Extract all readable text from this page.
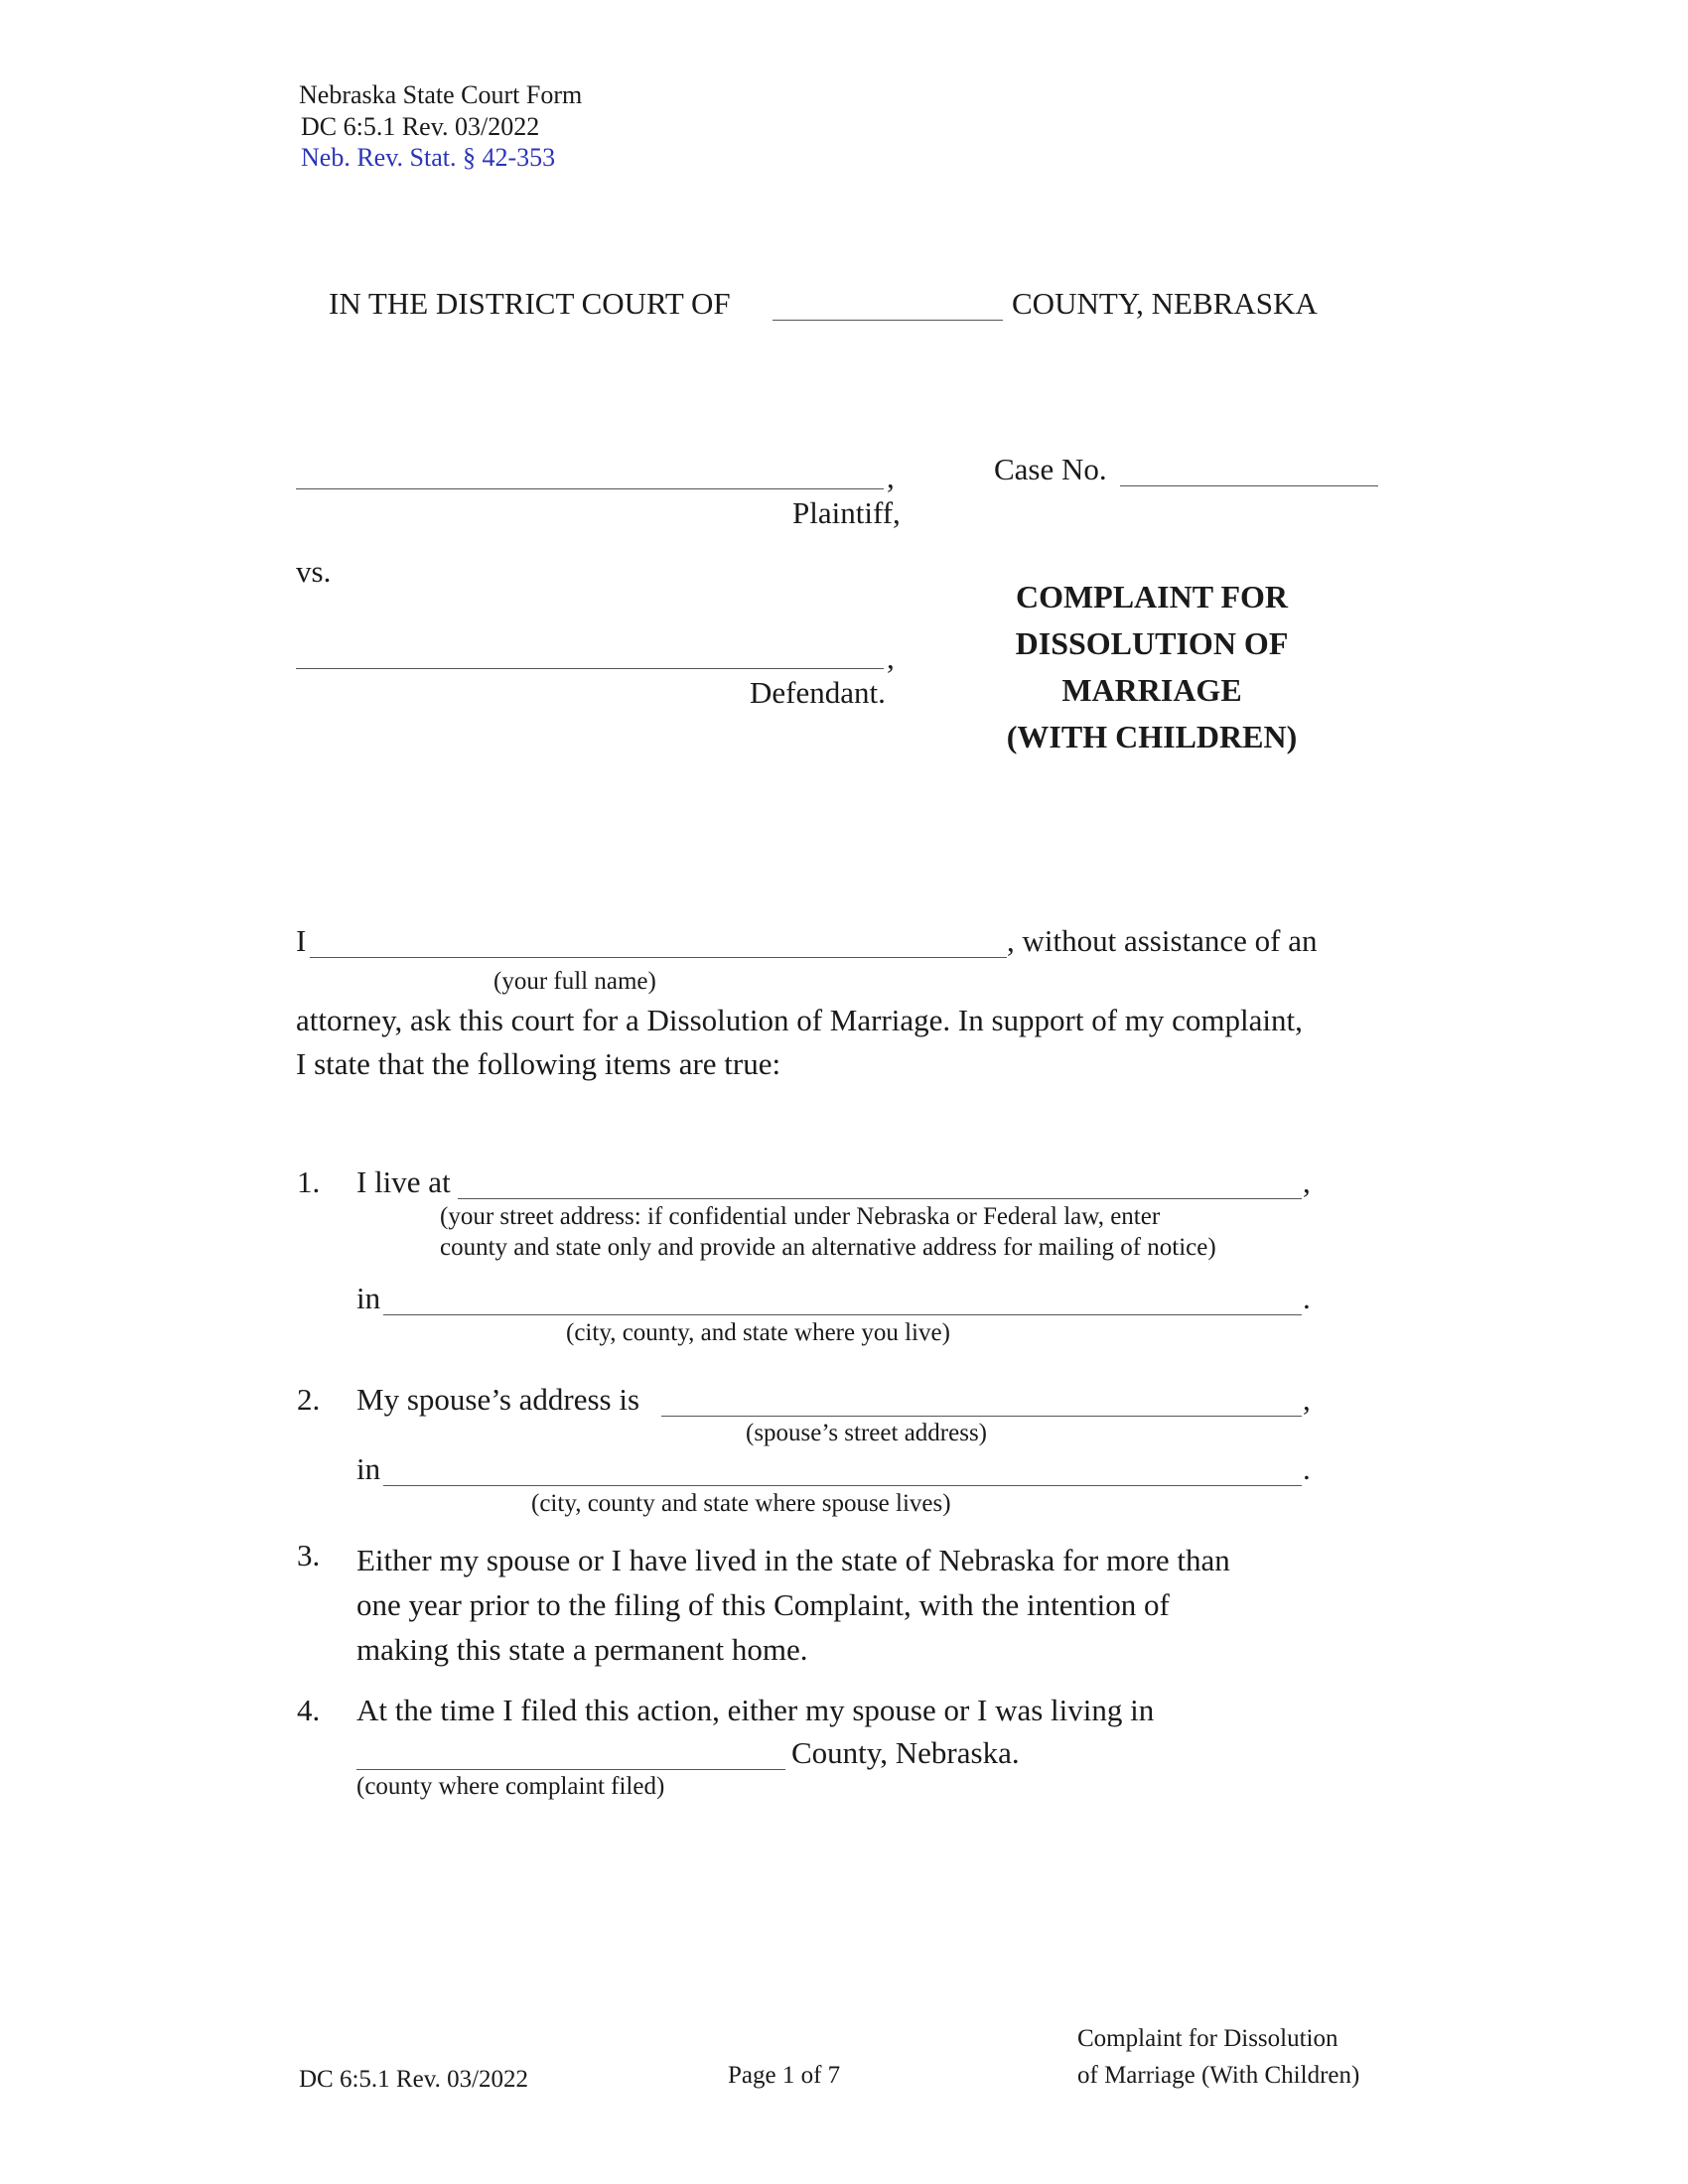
Nebraska State Court Form
DC 6:5.1 Rev. 03/2022
Neb. Rev. Stat. § 42-353
IN THE DISTRICT COURT OF	COUNTY, NEBRASKA
,
Plaintiff,
Case No.
vs.
,
Defendant.
COMPLAINT FOR
DISSOLUTION OF
MARRIAGE
(WITH CHILDREN)
I	, without assistance of an
(your full name)
attorney, ask this court for a Dissolution of Marriage. In support of my complaint,
I state that the following items are true:
1. I live at	,
(your street address: if confidential under Nebraska or Federal law, enter
county and state only and provide an alternative address for mailing of notice)
in	.
(city, county, and state where you live)
2. My spouse’s address is	,
(spouse’s street address)
in	.
(city, county and state where spouse lives)
3. Either my spouse or I have lived in the state of Nebraska for more than
one year prior to the filing of this Complaint, with the intention of
making this state a permanent home.
4. At the time I filed this action, either my spouse or I was living in
County, Nebraska.
(county where complaint filed)
DC 6:5.1 Rev. 03/2022	Page 1 of 7
Complaint for Dissolution
of Marriage (With Children)
